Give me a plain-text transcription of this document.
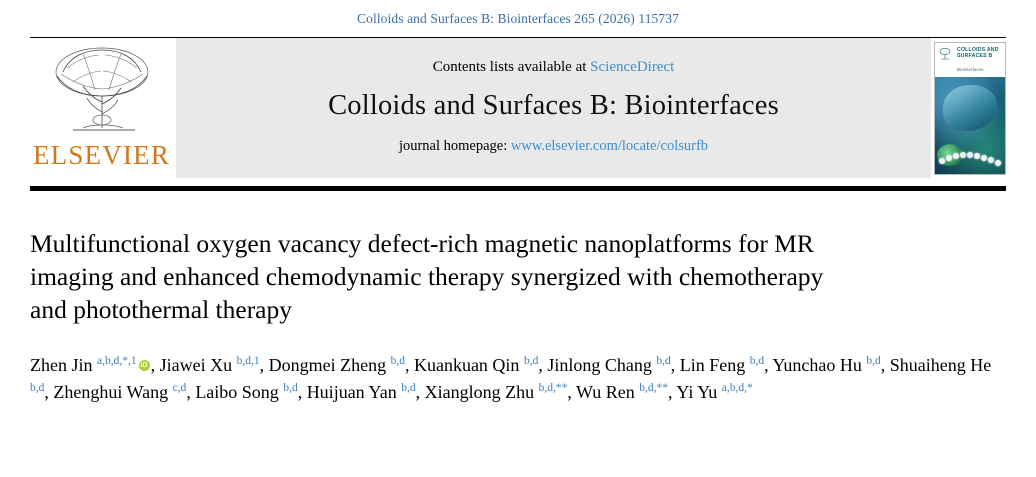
Colloids and Surfaces B: Biointerfaces 265 (2026) 115737
ELSEVIER
Contents lists available at ScienceDirect
Colloids and Surfaces B: Biointerfaces
journal homepage: www.elsevier.com/locate/colsurfb
COLLOIDS AND
SURFACES B
Biointerfaces
Multifunctional oxygen vacancy defect-rich magnetic nanoplatforms for MR imaging and enhanced chemodynamic therapy synergized with chemotherapy and photothermal therapy
Zhen Jin $^{a,b,d,*,1}$ iD , Jiawei Xu $^{b,d,1}$, Dongmei Zheng $^{b,d}$, Kuankuan Qin $^{b,d}$, Jinlong Chang $^{b,d}$, Lin Feng $^{b,d}$, Yunchao Hu $^{b,d}$, Shuaiheng He $^{b,d}$, Zhenghui Wang $^{c,d}$, Laibo Song $^{b,d}$, Huijuan Yan $^{b,d}$, Xianglong Zhu $^{b,d,**}$, Wu Ren $^{b,d,**}$, Yi Yu $^{a,b,d,*}$
